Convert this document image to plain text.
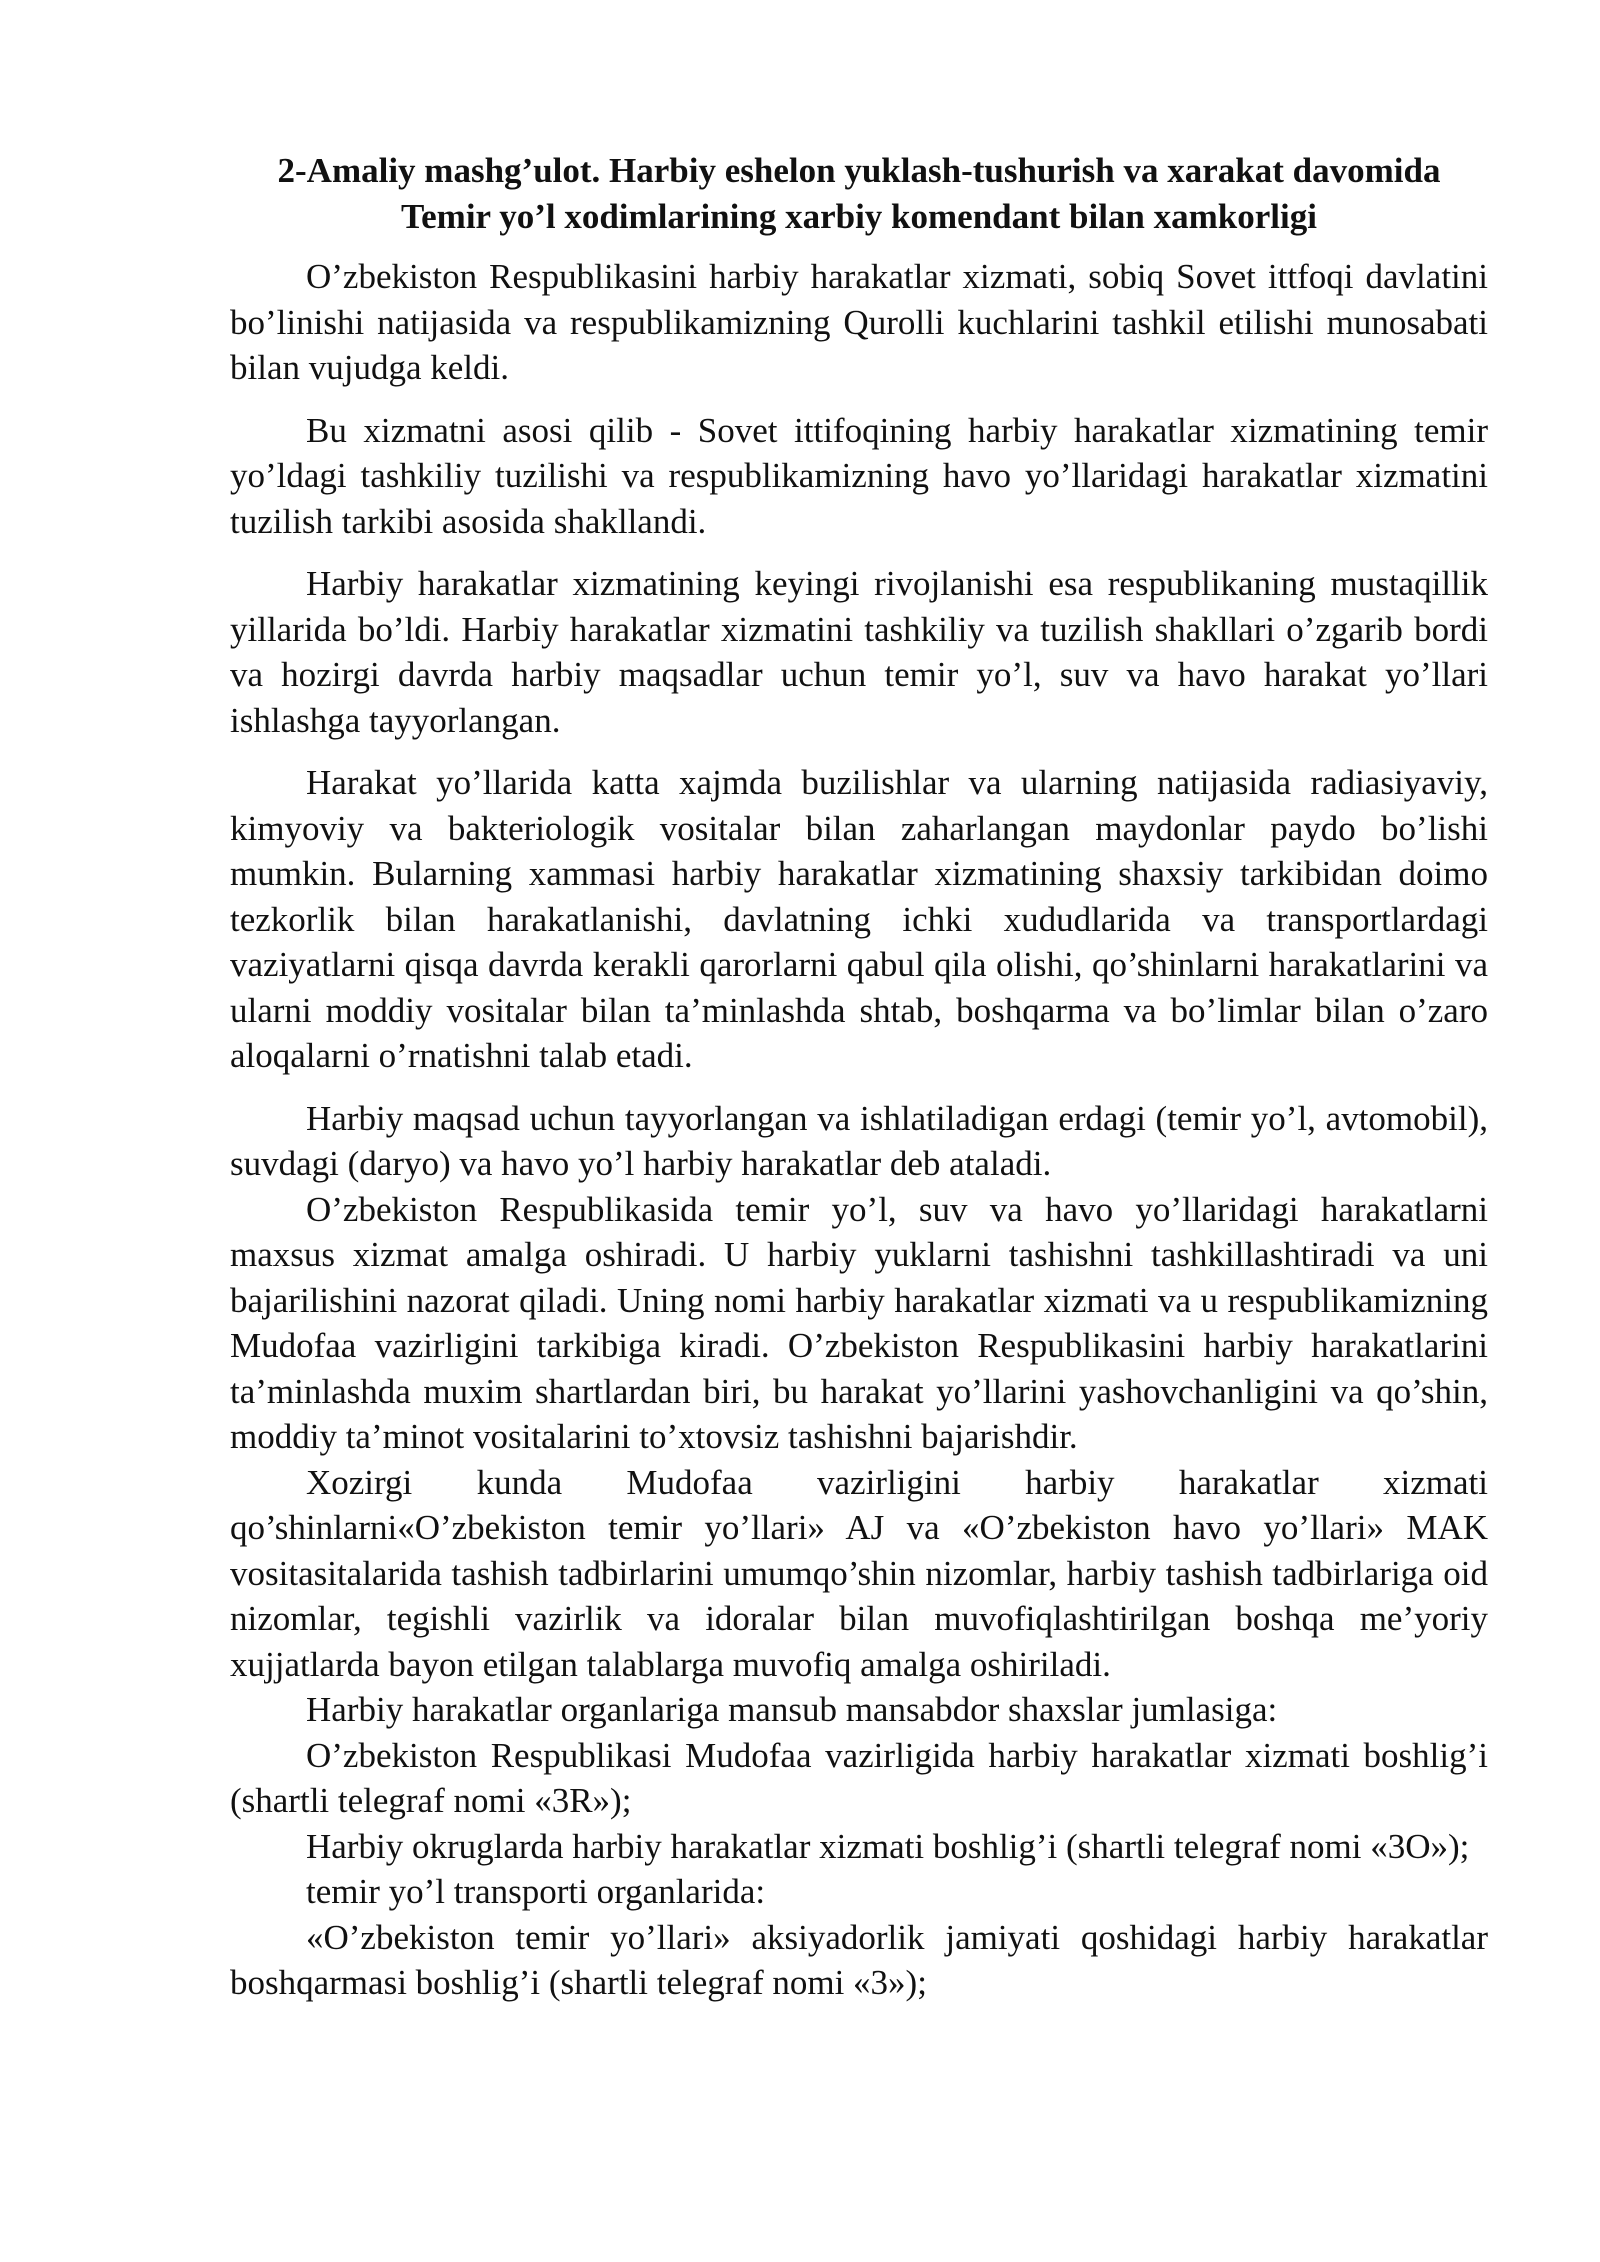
2-Amaliy mashg’ulot. Harbiy eshelon yuklash-tushurish va xarakat davomida
Temir yo’l xodimlarining xarbiy komendant bilan xamkorligi

O’zbekiston Respublikasini harbiy harakatlar xizmati, sobiq Sovet ittfoqi davlatini bo’linishi natijasida va respublikamizning Qurolli kuchlarini tashkil etilishi munosabati bilan vujudga keldi.

Bu xizmatni asosi qilib - Sovet ittifoqining harbiy harakatlar xizmatining temir yo’ldagi tashkiliy tuzilishi va respublikamizning havo yo’llaridagi harakatlar xizmatini tuzilish tarkibi asosida shakllandi.

Harbiy harakatlar xizmatining keyingi rivojlanishi esa respublikaning mustaqillik yillarida bo’ldi. Harbiy harakatlar xizmatini tashkiliy va tuzilish shakllari o’zgarib bordi va hozirgi davrda harbiy maqsadlar uchun temir yo’l, suv va havo harakat yo’llari ishlashga tayyorlangan.

Harakat yo’llarida katta xajmda buzilishlar va ularning natijasida radiasiyaviy, kimyoviy va bakteriologik vositalar bilan zaharlangan maydonlar paydo bo’lishi mumkin. Bularning xammasi harbiy harakatlar xizmatining shaxsiy tarkibidan doimo tezkorlik bilan harakatlanishi, davlatning ichki xududlarida va transportlardagi vaziyatlarni qisqa davrda kerakli qarorlarni qabul qila olishi, qo’shinlarni harakatlarini va ularni moddiy vositalar bilan ta’minlashda shtab, boshqarma va bo’limlar bilan o’zaro aloqalarni o’rnatishni talab etadi.

Harbiy maqsad uchun tayyorlangan va ishlatiladigan erdagi (temir yo’l, avtomobil), suvdagi (daryo) va havo yo’l harbiy harakatlar deb ataladi.

O’zbekiston Respublikasida temir yo’l, suv va havo yo’llaridagi harakatlarni maxsus xizmat amalga oshiradi. U harbiy yuklarni tashishni tashkillashtiradi va uni bajarilishini nazorat qiladi. Uning nomi harbiy harakatlar xizmati va u respublikamizning Mudofaa vazirligini tarkibiga kiradi. O’zbekiston Respublikasini harbiy harakatlarini ta’minlashda muxim shartlardan biri, bu harakat yo’llarini yashovchanligini va qo’shin, moddiy ta’minot vositalarini to’xtovsiz tashishni bajarishdir.

Xozirgi kunda Mudofaa vazirligini harbiy harakatlar xizmati qo’shinlarni«O’zbekiston temir yo’llari» AJ va «O’zbekiston havo yo’llari» MAK vositasitalarida tashish tadbirlarini umumqo’shin nizomlar, harbiy tashish tadbirlariga oid nizomlar, tegishli vazirlik va idoralar bilan muvofiqlashtirilgan boshqa me’yoriy xujjatlarda bayon etilgan talablarga muvofiq amalga oshiriladi.

Harbiy harakatlar organlariga mansub mansabdor shaxslar jumlasiga:

O’zbekiston Respublikasi Mudofaa vazirligida harbiy harakatlar xizmati boshlig’i (shartli telegraf nomi «3R»);

Harbiy okruglarda harbiy harakatlar xizmati boshlig’i (shartli telegraf nomi «3O»);

temir yo’l transporti organlarida:

«O’zbekiston temir yo’llari» aksiyadorlik jamiyati qoshidagi harbiy harakatlar boshqarmasi boshlig’i (shartli telegraf nomi «3»);
